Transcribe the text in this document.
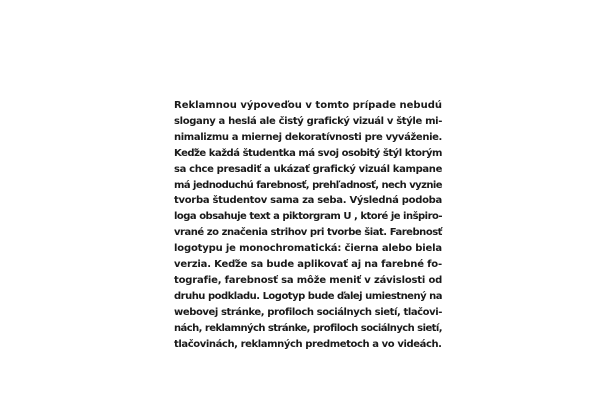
Reklamnou výpoveďou v tomto prípade nebudú
slogany a heslá ale čistý grafický vizuál v štýle mi-
nimalizmu a miernej dekoratívnosti pre vyváženie.
Keďže každá študentka má svoj osobitý štýl ktorým
sa chce presadiť a ukázať grafický vizuál kampane
má jednoduchú farebnosť, prehľadnosť, nech vyznie
tvorba študentov sama za seba. Výsledná podoba
loga obsahuje text a piktorgram U , ktoré je inšpiro-
vrané zo značenia strihov pri tvorbe šiat. Farebnosť
logotypu je monochromatická: čierna alebo biela
verzia. Keďže sa bude aplikovať aj na farebné fo-
tografie, farebnosť sa môže meniť v závislosti od
druhu podkladu. Logotyp bude ďalej umiestnený na
webovej stránke, profiloch sociálnych sietí, tlačovi-
nách, reklamných stránke, profiloch sociálnych sietí,
tlačovinách, reklamných predmetoch a vo videách.
